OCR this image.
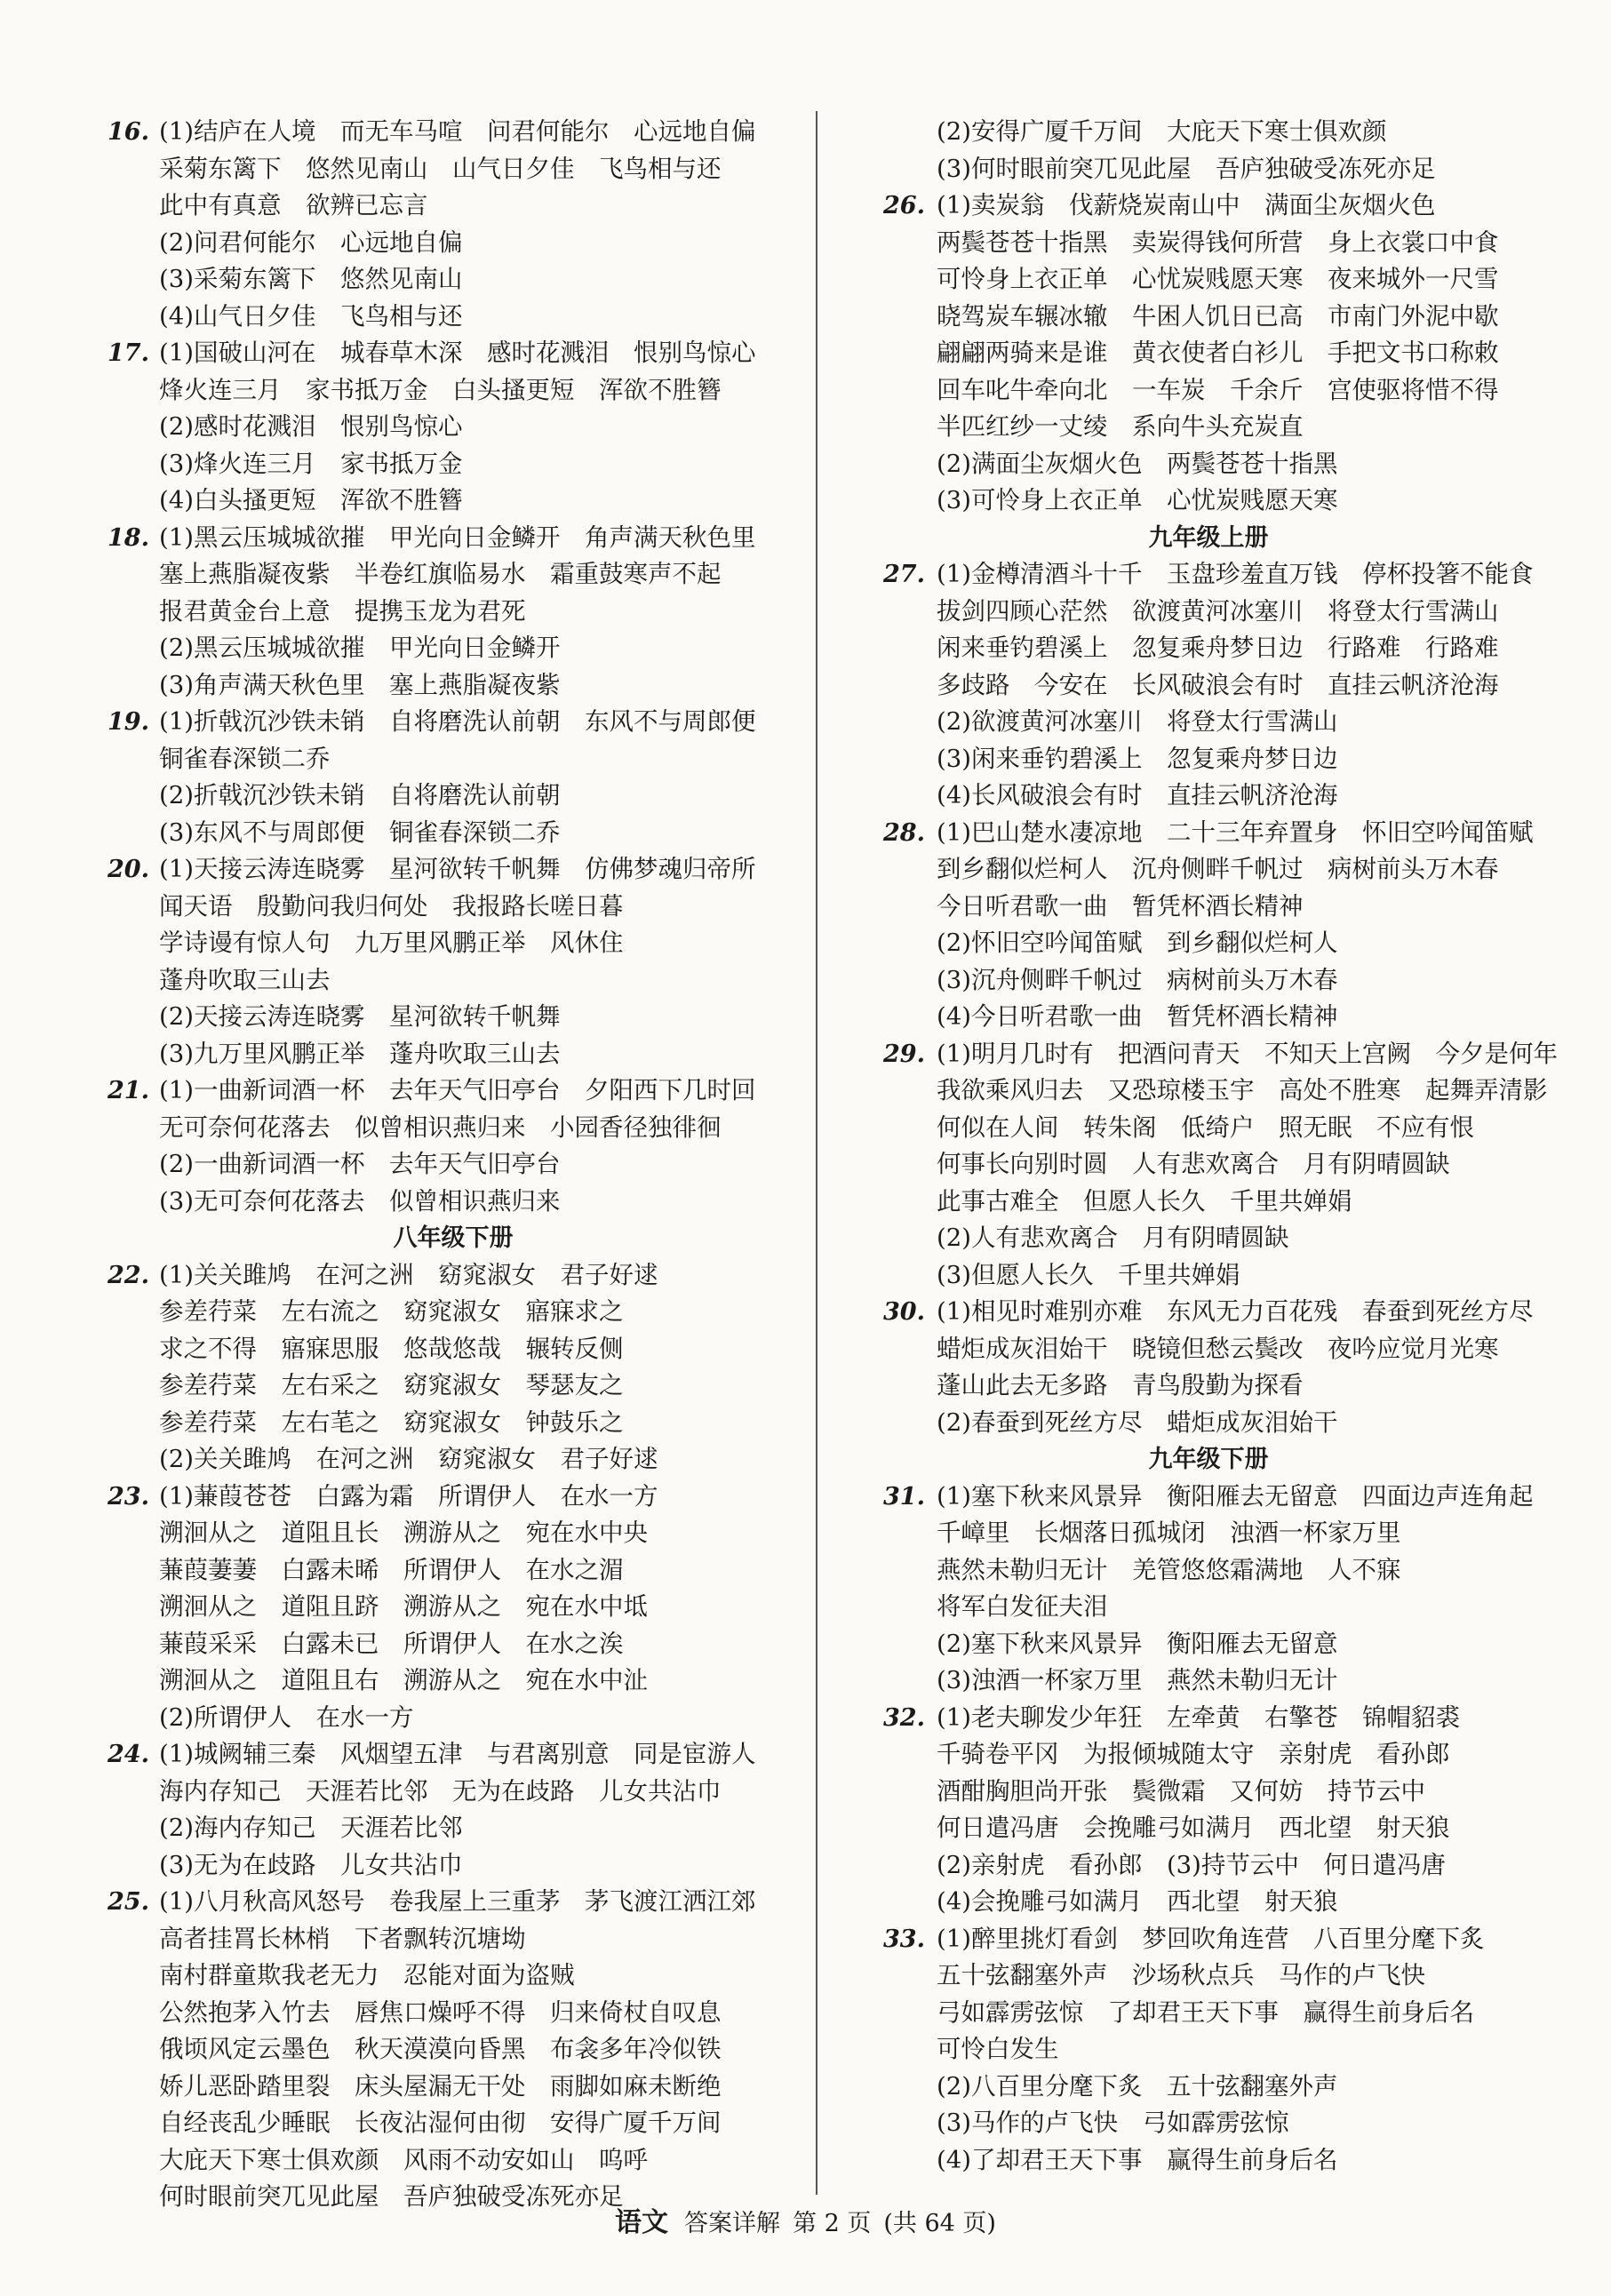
16. (1)结庐在人境　而无车马喧　问君何能尔　心远地自偏
采菊东篱下　悠然见南山　山气日夕佳　飞鸟相与还
此中有真意　欲辨已忘言
(2)问君何能尔　心远地自偏
(3)采菊东篱下　悠然见南山
(4)山气日夕佳　飞鸟相与还
17. (1)国破山河在　城春草木深　感时花溅泪　恨别鸟惊心
烽火连三月　家书抵万金　白头搔更短　浑欲不胜簪
(2)感时花溅泪　恨别鸟惊心
(3)烽火连三月　家书抵万金
(4)白头搔更短　浑欲不胜簪
18. (1)黑云压城城欲摧　甲光向日金鳞开　角声满天秋色里
塞上燕脂凝夜紫　半卷红旗临易水　霜重鼓寒声不起
报君黄金台上意　提携玉龙为君死
(2)黑云压城城欲摧　甲光向日金鳞开
(3)角声满天秋色里　塞上燕脂凝夜紫
19. (1)折戟沉沙铁未销　自将磨洗认前朝　东风不与周郎便
铜雀春深锁二乔
(2)折戟沉沙铁未销　自将磨洗认前朝
(3)东风不与周郎便　铜雀春深锁二乔
20. (1)天接云涛连晓雾　星河欲转千帆舞　仿佛梦魂归帝所
闻天语　殷勤问我归何处　我报路长嗟日暮
学诗谩有惊人句　九万里风鹏正举　风休住
蓬舟吹取三山去
(2)天接云涛连晓雾　星河欲转千帆舞
(3)九万里风鹏正举　蓬舟吹取三山去
21. (1)一曲新词酒一杯　去年天气旧亭台　夕阳西下几时回
无可奈何花落去　似曾相识燕归来　小园香径独徘徊
(2)一曲新词酒一杯　去年天气旧亭台
(3)无可奈何花落去　似曾相识燕归来
八年级下册
22. (1)关关雎鸠　在河之洲　窈窕淑女　君子好逑
参差荇菜　左右流之　窈窕淑女　寤寐求之
求之不得　寤寐思服　悠哉悠哉　辗转反侧
参差荇菜　左右采之　窈窕淑女　琴瑟友之
参差荇菜　左右芼之　窈窕淑女　钟鼓乐之
(2)关关雎鸠　在河之洲　窈窕淑女　君子好逑
23. (1)蒹葭苍苍　白露为霜　所谓伊人　在水一方
溯洄从之　道阻且长　溯游从之　宛在水中央
蒹葭萋萋　白露未晞　所谓伊人　在水之湄
溯洄从之　道阻且跻　溯游从之　宛在水中坻
蒹葭采采　白露未已　所谓伊人　在水之涘
溯洄从之　道阻且右　溯游从之　宛在水中沚
(2)所谓伊人　在水一方
24. (1)城阙辅三秦　风烟望五津　与君离别意　同是宦游人
海内存知己　天涯若比邻　无为在歧路　儿女共沾巾
(2)海内存知己　天涯若比邻
(3)无为在歧路　儿女共沾巾
25. (1)八月秋高风怒号　卷我屋上三重茅　茅飞渡江洒江郊
高者挂罥长林梢　下者飘转沉塘坳
南村群童欺我老无力　忍能对面为盗贼
公然抱茅入竹去　唇焦口燥呼不得　归来倚杖自叹息
俄顷风定云墨色　秋天漠漠向昏黑　布衾多年冷似铁
娇儿恶卧踏里裂　床头屋漏无干处　雨脚如麻未断绝
自经丧乱少睡眠　长夜沾湿何由彻　安得广厦千万间
大庇天下寒士俱欢颜　风雨不动安如山　呜呼
何时眼前突兀见此屋　吾庐独破受冻死亦足
(2)安得广厦千万间　大庇天下寒士俱欢颜
(3)何时眼前突兀见此屋　吾庐独破受冻死亦足
26. (1)卖炭翁　伐薪烧炭南山中　满面尘灰烟火色
两鬓苍苍十指黑　卖炭得钱何所营　身上衣裳口中食
可怜身上衣正单　心忧炭贱愿天寒　夜来城外一尺雪
晓驾炭车辗冰辙　牛困人饥日已高　市南门外泥中歇
翩翩两骑来是谁　黄衣使者白衫儿　手把文书口称敕
回车叱牛牵向北　一车炭　千余斤　宫使驱将惜不得
半匹红纱一丈绫　系向牛头充炭直
(2)满面尘灰烟火色　两鬓苍苍十指黑
(3)可怜身上衣正单　心忧炭贱愿天寒
九年级上册
27. (1)金樽清酒斗十千　玉盘珍羞直万钱　停杯投箸不能食
拔剑四顾心茫然　欲渡黄河冰塞川　将登太行雪满山
闲来垂钓碧溪上　忽复乘舟梦日边　行路难　行路难
多歧路　今安在　长风破浪会有时　直挂云帆济沧海
(2)欲渡黄河冰塞川　将登太行雪满山
(3)闲来垂钓碧溪上　忽复乘舟梦日边
(4)长风破浪会有时　直挂云帆济沧海
28. (1)巴山楚水凄凉地　二十三年弃置身　怀旧空吟闻笛赋
到乡翻似烂柯人　沉舟侧畔千帆过　病树前头万木春
今日听君歌一曲　暂凭杯酒长精神
(2)怀旧空吟闻笛赋　到乡翻似烂柯人
(3)沉舟侧畔千帆过　病树前头万木春
(4)今日听君歌一曲　暂凭杯酒长精神
29. (1)明月几时有　把酒问青天　不知天上宫阙　今夕是何年
我欲乘风归去　又恐琼楼玉宇　高处不胜寒　起舞弄清影
何似在人间　转朱阁　低绮户　照无眠　不应有恨
何事长向别时圆　人有悲欢离合　月有阴晴圆缺
此事古难全　但愿人长久　千里共婵娟
(2)人有悲欢离合　月有阴晴圆缺
(3)但愿人长久　千里共婵娟
30. (1)相见时难别亦难　东风无力百花残　春蚕到死丝方尽
蜡炬成灰泪始干　晓镜但愁云鬓改　夜吟应觉月光寒
蓬山此去无多路　青鸟殷勤为探看
(2)春蚕到死丝方尽　蜡炬成灰泪始干
九年级下册
31. (1)塞下秋来风景异　衡阳雁去无留意　四面边声连角起
千嶂里　长烟落日孤城闭　浊酒一杯家万里
燕然未勒归无计　羌管悠悠霜满地　人不寐
将军白发征夫泪
(2)塞下秋来风景异　衡阳雁去无留意
(3)浊酒一杯家万里　燕然未勒归无计
32. (1)老夫聊发少年狂　左牵黄　右擎苍　锦帽貂裘
千骑卷平冈　为报倾城随太守　亲射虎　看孙郎
酒酣胸胆尚开张　鬓微霜　又何妨　持节云中
何日遣冯唐　会挽雕弓如满月　西北望　射天狼
(2)亲射虎　看孙郎　(3)持节云中　何日遣冯唐
(4)会挽雕弓如满月　西北望　射天狼
33. (1)醉里挑灯看剑　梦回吹角连营　八百里分麾下炙
五十弦翻塞外声　沙场秋点兵　马作的卢飞快
弓如霹雳弦惊　了却君王天下事　赢得生前身后名
可怜白发生
(2)八百里分麾下炙　五十弦翻塞外声
(3)马作的卢飞快　弓如霹雳弦惊
(4)了却君王天下事　赢得生前身后名
语文 答案详解 第 2 页 (共 64 页)
